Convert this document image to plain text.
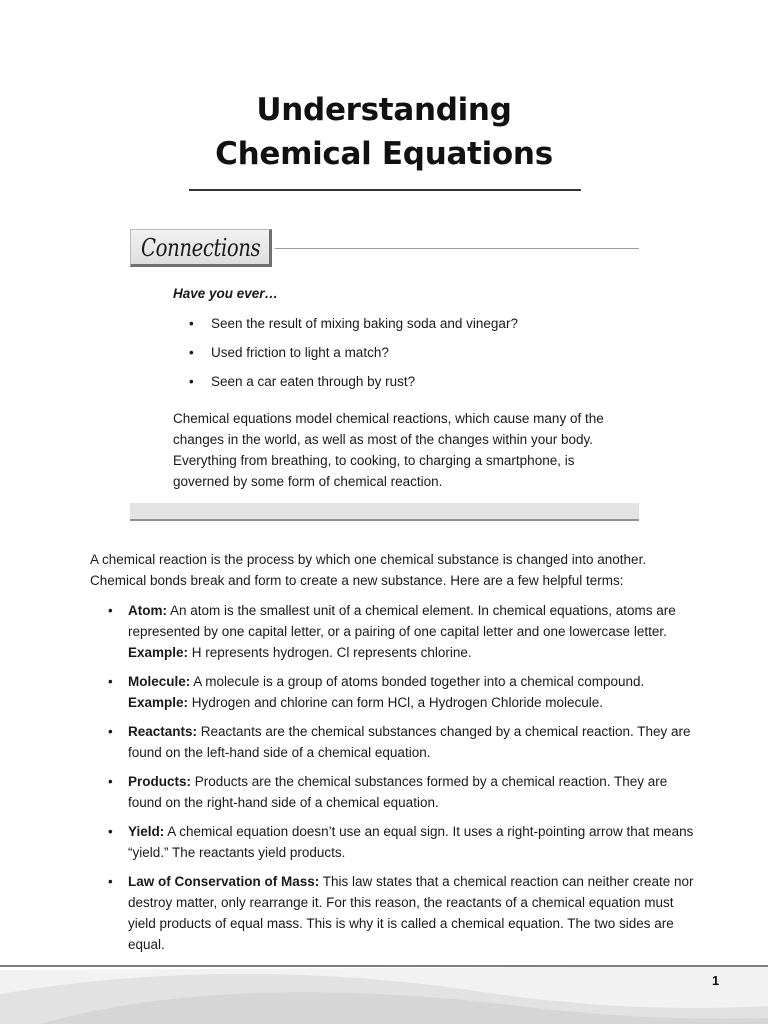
Understanding
Chemical Equations
Connections
Have you ever…
• Seen the result of mixing baking soda and vinegar?
• Used friction to light a match?
• Seen a car eaten through by rust?
Chemical equations model chemical reactions, which cause many of the changes in the world, as well as most of the changes within your body. Everything from breathing, to cooking, to charging a smartphone, is governed by some form of chemical reaction.
A chemical reaction is the process by which one chemical substance is changed into another. Chemical bonds break and form to create a new substance. Here are a few helpful terms:
• Atom: An atom is the smallest unit of a chemical element. In chemical equations, atoms are represented by one capital letter, or a pairing of one capital letter and one lowercase letter. Example: H represents hydrogen. Cl represents chlorine.
• Molecule: A molecule is a group of atoms bonded together into a chemical compound. Example: Hydrogen and chlorine can form HCl, a Hydrogen Chloride molecule.
• Reactants: Reactants are the chemical substances changed by a chemical reaction. They are found on the left-hand side of a chemical equation.
• Products: Products are the chemical substances formed by a chemical reaction. They are found on the right-hand side of a chemical equation.
• Yield: A chemical equation doesn’t use an equal sign. It uses a right-pointing arrow that means “yield.” The reactants yield products.
• Law of Conservation of Mass: This law states that a chemical reaction can neither create nor destroy matter, only rearrange it. For this reason, the reactants of a chemical equation must yield products of equal mass. This is why it is called a chemical equation. The two sides are equal.
1
